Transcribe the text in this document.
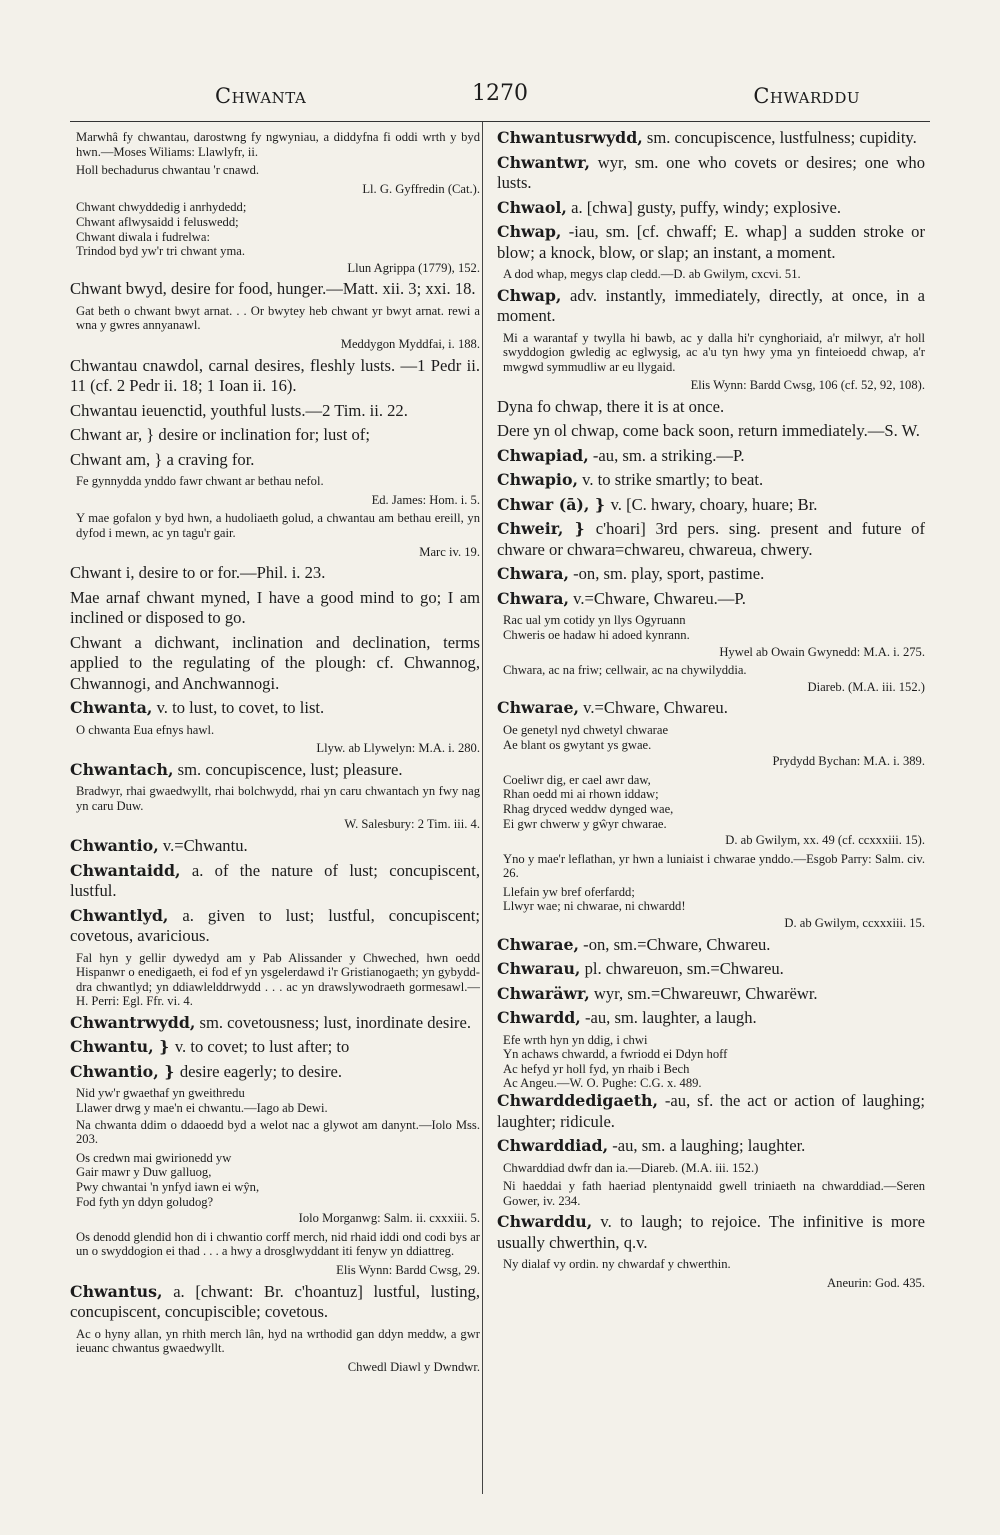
Chwanta	1270	Chwarddu
Marwhâ fy chwantau, darostwng fy ngwyniau, a diddyfna fi oddi wrth y byd hwn.—Moses Wiliams: Llawlyfr, ii.
Holl bechadurus chwantau 'r cnawd.
Ll. G. Gyffredin (Cat.).
Chwant chwyddedig i anrhydedd;
Chwant aflwysaidd i feluswedd;
Chwant diwala i fudrelwa:
Trindod byd yw'r tri chwant yma.
Llun Agrippa (1779), 152.

Chwant bwyd, desire for food, hunger.—Matt. xii. 3; xxi. 18.

Gat beth o chwant bwyt arnat. . . Or bwytey heb chwant yr bwyt arnat. rewi a wna y gwres annyanawl.
Meddygon Myddfai, i. 188.

Chwantau cnawdol, carnal desires, fleshly lusts. —1 Pedr ii. 11 (cf. 2 Pedr ii. 18; 1 Ioan ii. 16).

Chwantau ieuenctid, youthful lusts.—2 Tim. ii. 22.

Chwant ar, } desire or inclination for; lust of;

Chwant am, } a craving for.

Fe gynnydda ynddo fawr chwant ar bethau nefol.
Ed. James: Hom. i. 5.
Y mae gofalon y byd hwn, a hudoliaeth golud, a chwantau am bethau ereill, yn dyfod i mewn, ac yn tagu'r gair.
Marc iv. 19.

Chwant i, desire to or for.—Phil. i. 23.

Mae arnaf chwant myned, I have a good mind to go; I am inclined or disposed to go.

Chwant a dichwant, inclination and declination, terms applied to the regulating of the plough: cf. Chwannog, Chwannogi, and Anchwannogi.

Chwanta, v. to lust, to covet, to list.

O chwanta Eua efnys hawl.
Llyw. ab Llywelyn: M.A. i. 280.

Chwantach, sm. concupiscence, lust; pleasure.

Bradwyr, rhai gwaedwyllt, rhai bolchwydd, rhai yn caru chwantach yn fwy nag yn caru Duw.
W. Salesbury: 2 Tim. iii. 4.

Chwantio, v.=Chwantu.

Chwantaidd, a. of the nature of lust; concupiscent, lustful.

Chwantlyd, a. given to lust; lustful, concupiscent; covetous, avaricious.

Fal hyn y gellir dywedyd am y Pab Alissander y Chweched, hwn oedd Hispanwr o enedigaeth, ei fod ef yn ysgelerdawd i'r Gristianogaeth; yn gybydd-dra chwantlyd; yn ddiawlelddrwydd . . . ac yn drawslywodraeth gormesawl.—H. Perri: Egl. Ffr. vi. 4.

Chwantrwydd, sm. covetousness; lust, inordinate desire.

Chwantu, } v. to covet; to lust after; to

Chwantio, } desire eagerly; to desire.

Nid yw'r gwaethaf yn gweithredu
Llawer drwg y mae'n ei chwantu.—Iago ab Dewi.
Na chwanta ddim o ddaoedd byd a welot nac a glywot am danynt.—Iolo Mss. 203.
Os credwn mai gwirionedd yw
Gair mawr y Duw galluog,
Pwy chwantai 'n ynfyd iawn ei wŷn,
Fod fyth yn ddyn goludog?
Iolo Morganwg: Salm. ii. cxxxiii. 5.
Os denodd glendid hon di i chwantio corff merch, nid rhaid iddi ond codi bys ar un o swyddogion ei thad . . . a hwy a drosglwyddant iti fenyw yn ddiattreg.
Elis Wynn: Bardd Cwsg, 29.

Chwantus, a. [chwant: Br. c'hoantuz] lustful, lusting, concupiscent, concupiscible; covetous.

Ac o hyny allan, yn rhith merch lân, hyd na wrthodid gan ddyn meddw, a gwr ieuanc chwantus gwaedwyllt.
Chwedl Diawl y Dwndwr.

Chwantusrwydd, sm. concupiscence, lustfulness; cupidity.

Chwantwr, wyr, sm. one who covets or desires; one who lusts.

Chwaol, a. [chwa] gusty, puffy, windy; explosive.

Chwap, -iau, sm. [cf. chwaff; E. whap] a sudden stroke or blow; a knock, blow, or slap; an instant, a moment.

A dod whap, megys clap cledd.—D. ab Gwilym, cxcvi. 51.

Chwap, adv. instantly, immediately, directly, at once, in a moment.

Mi a warantaf y twylla hi bawb, ac y dalla hi'r cynghoriaid, a'r milwyr, a'r holl swyddogion gwledig ac eglwysig, ac a'u tyn hwy yma yn finteioedd chwap, a'r mwgwd symmudliw ar eu llygaid.
Elis Wynn: Bardd Cwsg, 106 (cf. 52, 92, 108).

Dyna fo chwap, there it is at once.

Dere yn ol chwap, come back soon, return immediately.—S. W.

Chwapiad, -au, sm. a striking.—P.

Chwapio, v. to strike smartly; to beat.

Chwar (ā), } v. [C. hwary, choary, huare; Br.

Chweir, } c'hoari] 3rd pers. sing. present and future of chware or chwara=chwareu, chwareua, chwery.

Chwara, -on, sm. play, sport, pastime.

Chwara, v.=Chware, Chwareu.—P.

Rac ual ym cotidy yn llys Ogyruann
Chweris oe hadaw hi adoed kynrann.
Hywel ab Owain Gwynedd: M.A. i. 275.
Chwara, ac na friw; cellwair, ac na chywilyddia.
Diareb. (M.A. iii. 152.)

Chwarae, v.=Chware, Chwareu.

Oe genetyl nyd chwetyl chwarae
Ae blant os gwytant ys gwae.
Prydydd Bychan: M.A. i. 389.
Coeliwr dig, er cael awr daw,
Rhan oedd mi ai rhown iddaw;
Rhag dryced weddw dynged wae,
Ei gwr chwerw y gŵyr chwarae.
D. ab Gwilym, xx. 49 (cf. ccxxxiii. 15).
Yno y mae'r leflathan, yr hwn a luniaist i chwarae ynddo.—Esgob Parry: Salm. civ. 26.
Llefain yw bref oferfardd;
Llwyr wae; ni chwarae, ni chwardd!
D. ab Gwilym, ccxxxiii. 15.

Chwarae, -on, sm.=Chware, Chwareu.

Chwarau, pl. chwareuon, sm.=Chwareu.

Chwaräwr, wyr, sm.=Chwareuwr, Chwarëwr.

Chwardd, -au, sm. laughter, a laugh.

Efe wrth hyn yn ddig, i chwi
Yn achaws chwardd, a fwriodd ei Ddyn hoff
Ac hefyd yr holl fyd, yn rhaib i Bech
Ac Angeu.—W. O. Pughe: C.G. x. 489.

Chwarddedigaeth, -au, sf. the act or action of laughing; laughter; ridicule.

Chwarddiad, -au, sm. a laughing; laughter.

Chwarddiad dwfr dan ia.—Diareb. (M.A. iii. 152.)
Ni haeddai y fath haeriad plentynaidd gwell triniaeth na chwarddiad.—Seren Gower, iv. 234.

Chwarddu, v. to laugh; to rejoice. The infinitive is more usually chwerthin, q.v.

Ny dialaf vy ordin. ny chwardaf y chwerthin.
Aneurin: God. 435.
